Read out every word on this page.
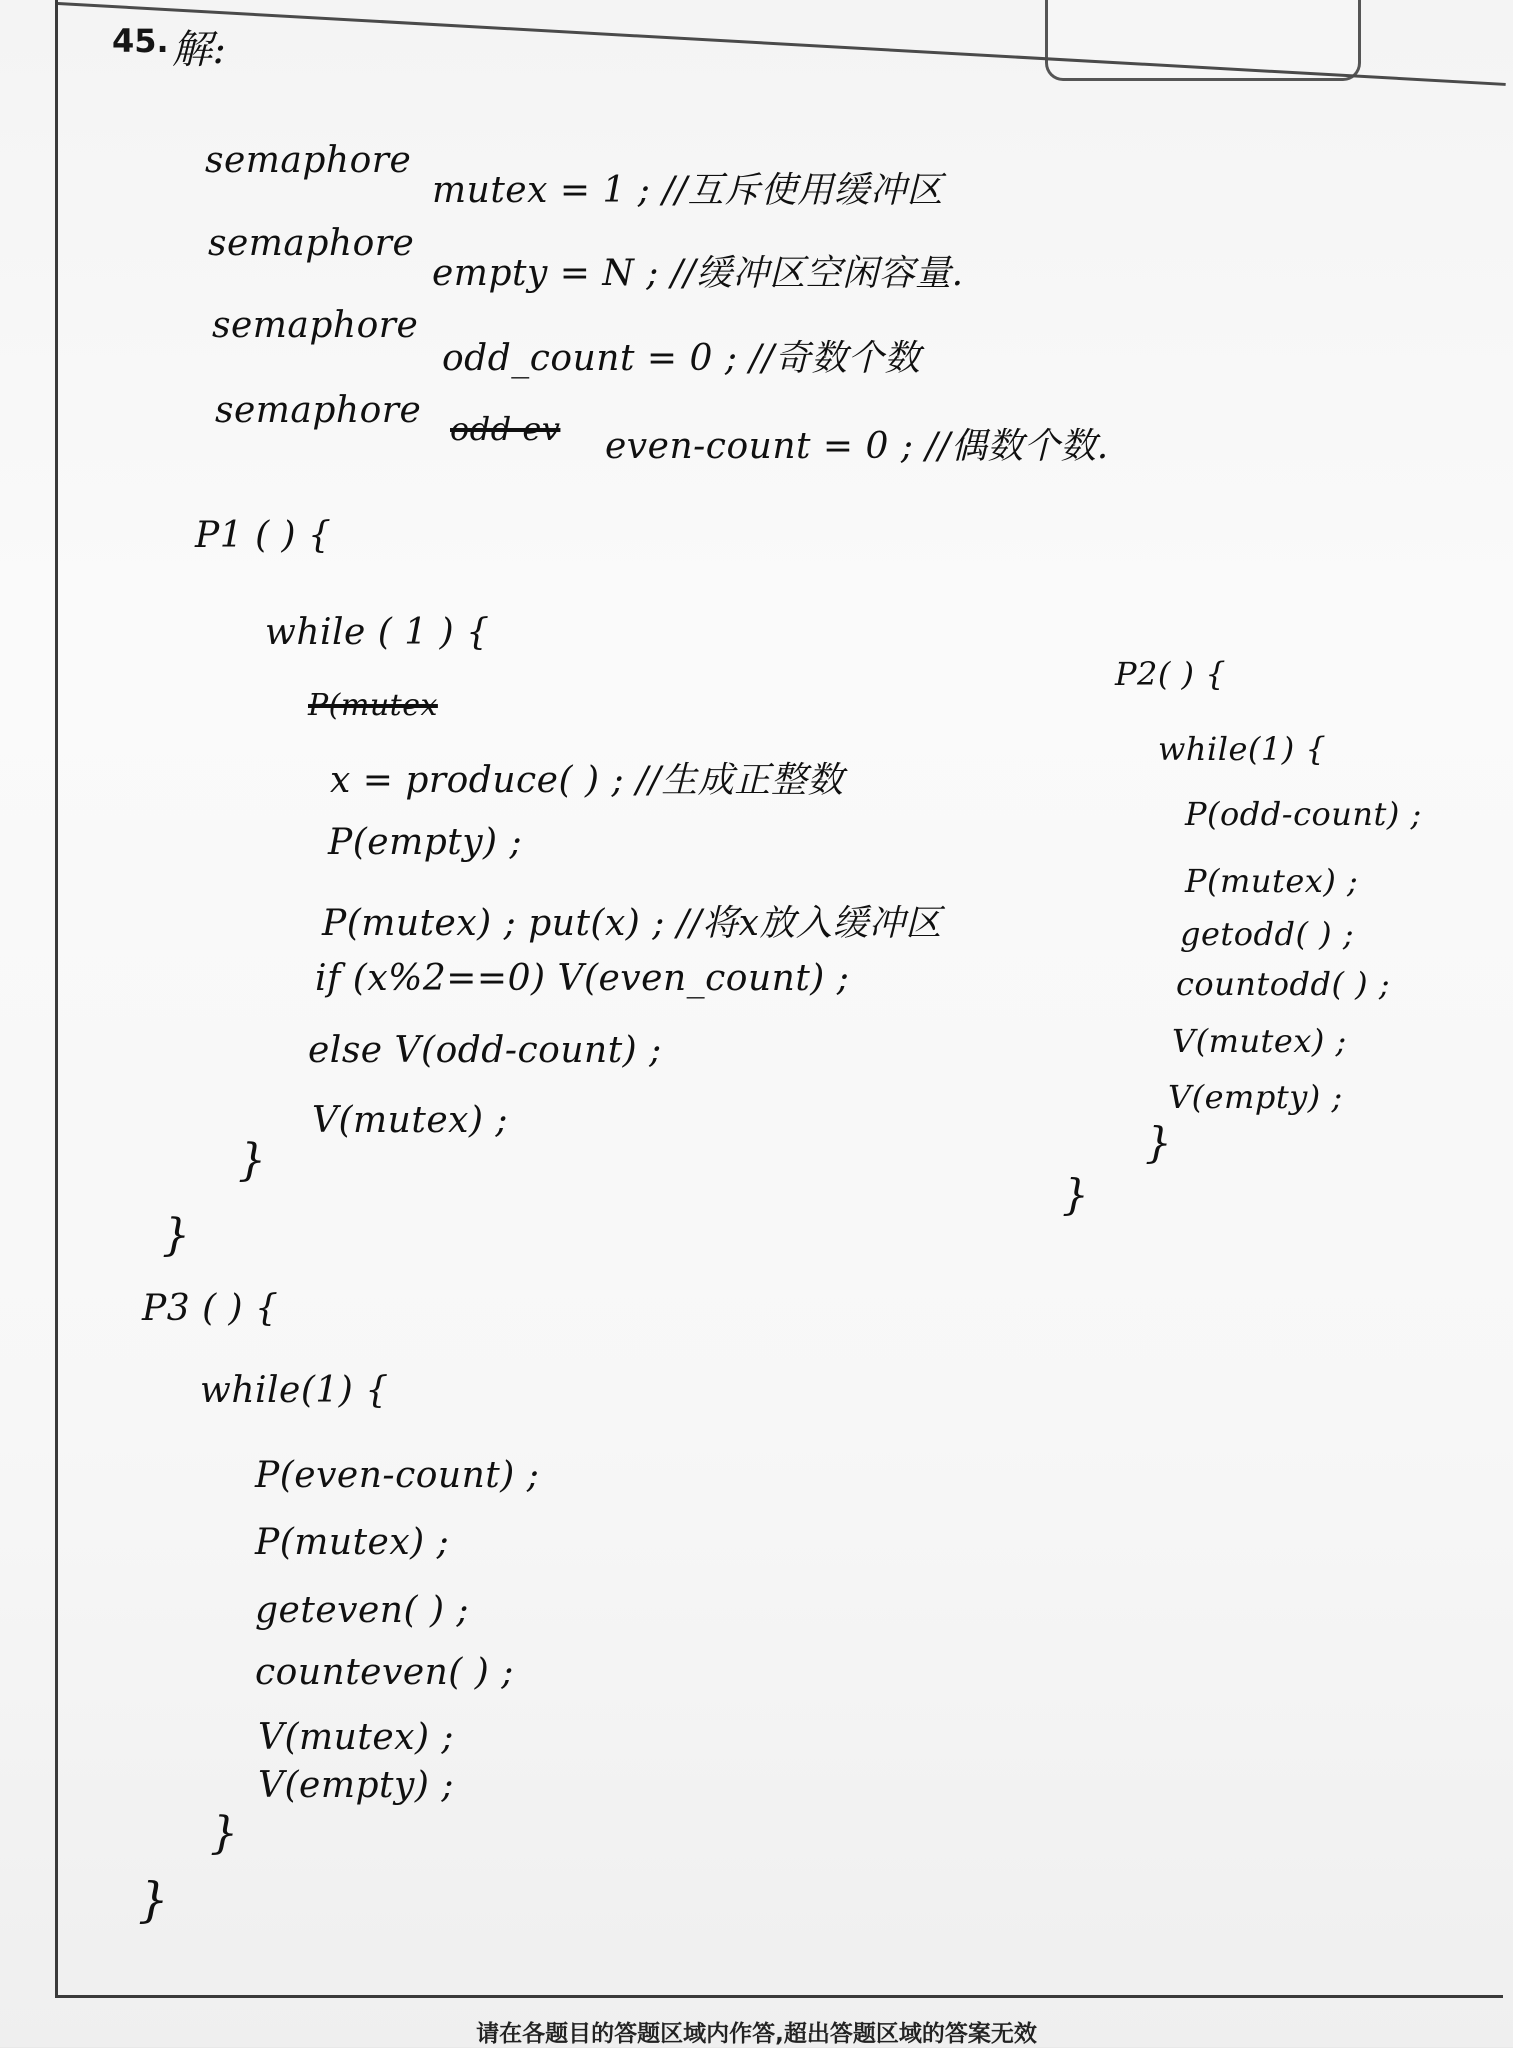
45. 解:
semaphore
mutex = 1 ; //互斥使用缓冲区
semaphore
empty = N ; //缓冲区空闲容量.
semaphore
odd_count = 0 ; //奇数个数
semaphore odd ev even-count = 0 ; //偶数个数.
P1 ( ) {
while ( 1 ) {
P(mutex
x = produce( ) ; //生成正整数
P(empty) ;
P(mutex) ; put(x) ; //将x放入缓冲区
if (x%2==0) V(even_count) ;
else V(odd-count) ;
V(mutex) ;
}
}
P2( ) {
while(1) {
P(odd-count) ;
P(mutex) ;
getodd( ) ;
countodd( ) ;
V(mutex) ;
V(empty) ;
}
}
P3 ( ) {
while(1) {
P(even-count) ;
P(mutex) ;
geteven( ) ;
counteven( ) ;
V(mutex) ;
V(empty) ;
}
}
请在各题目的答题区域内作答,超出答题区域的答案无效
